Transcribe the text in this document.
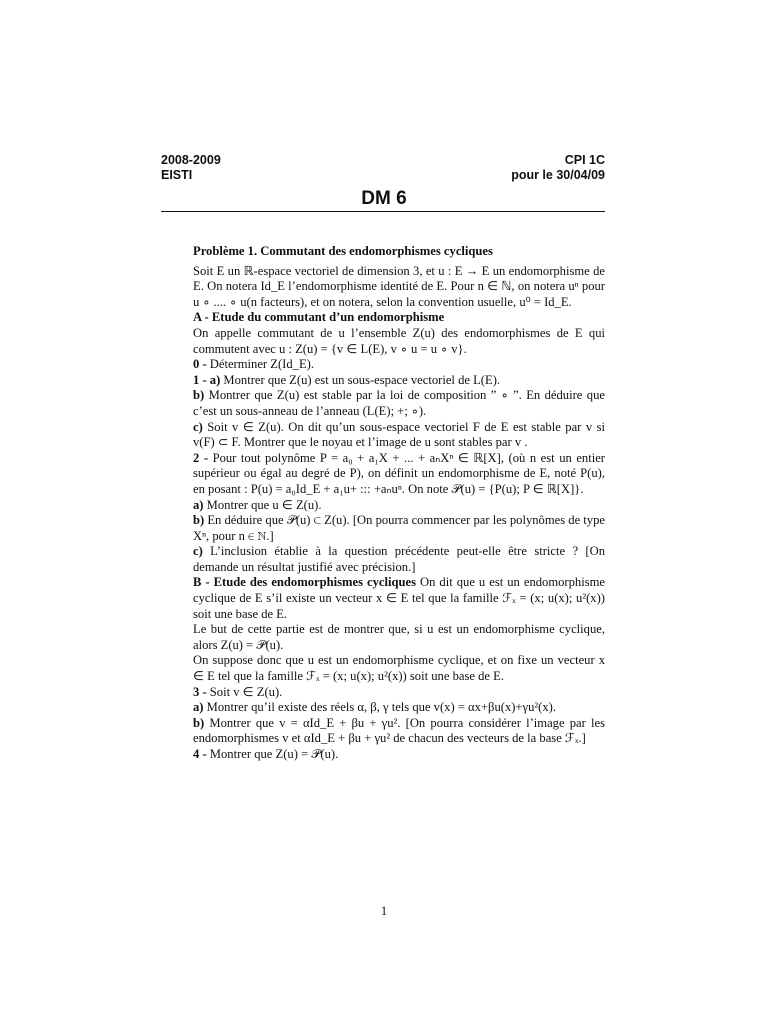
2008-2009
EISTI
CPI 1C
pour le 30/04/09
DM 6

Problème 1. Commutant des endomorphismes cycliques

Soit E un ℝ-espace vectoriel de dimension 3, et u : E → E un endomorphisme de E. On notera Id_E l’endomorphisme identité de E. Pour n ∈ ℕ, on notera uⁿ pour u ∘ .... ∘ u(n facteurs), et on notera, selon la convention usuelle, u⁰ = Id_E.

A - Etude du commutant d’un endomorphisme

On appelle commutant de u l’ensemble Z(u) des endomorphismes de E qui commutent avec u : Z(u) = {v ∈ L(E), v ∘ u = u ∘ v}.

0 - Déterminer Z(Id_E).

1 - a) Montrer que Z(u) est un sous-espace vectoriel de L(E).

b) Montrer que Z(u) est stable par la loi de composition ” ∘ ”. En déduire que c’est un sous-anneau de l’anneau (L(E); +; ∘).

c) Soit v ∈ Z(u). On dit qu’un sous-espace vectoriel F de E est stable par v si v(F) ⊂ F. Montrer que le noyau et l’image de u sont stables par v .

2 - Pour tout polynôme P = a₀ + a₁X + ... + aₙXⁿ ∈ ℝ[X], (où n est un entier supérieur ou égal au degré de P), on définit un endomorphisme de E, noté P(u), en posant : P(u) = a₀Id_E + a₁u+ ::: +aₙuⁿ. On note 𝒫(u) = {P(u); P ∈ ℝ[X]}.

a) Montrer que u ∈ Z(u).

b) En déduire que 𝒫(u) ⊂ Z(u). [On pourra commencer par les polynômes de type Xⁿ, pour n ∈ ℕ.]

c) L’inclusion établie à la question précédente peut-elle être stricte ? [On demande un résultat justifié avec précision.]

B - Etude des endomorphismes cycliques On dit que u est un endomorphisme cyclique de E s’il existe un vecteur x ∈ E tel que la famille ℱₓ = (x; u(x); u²(x)) soit une base de E.

Le but de cette partie est de montrer que, si u est un endomorphisme cyclique, alors Z(u) = 𝒫(u).

On suppose donc que u est un endomorphisme cyclique, et on fixe un vecteur x ∈ E tel que la famille ℱₓ = (x; u(x); u²(x)) soit une base de E.

3 - Soit v ∈ Z(u).

a) Montrer qu’il existe des réels α, β, γ tels que v(x) = αx+βu(x)+γu²(x).

b) Montrer que v = αId_E + βu + γu². [On pourra considérer l’image par les endomorphismes v et αId_E + βu + γu² de chacun des vecteurs de la base ℱₓ.]

4 - Montrer que Z(u) = 𝒫(u).

1
